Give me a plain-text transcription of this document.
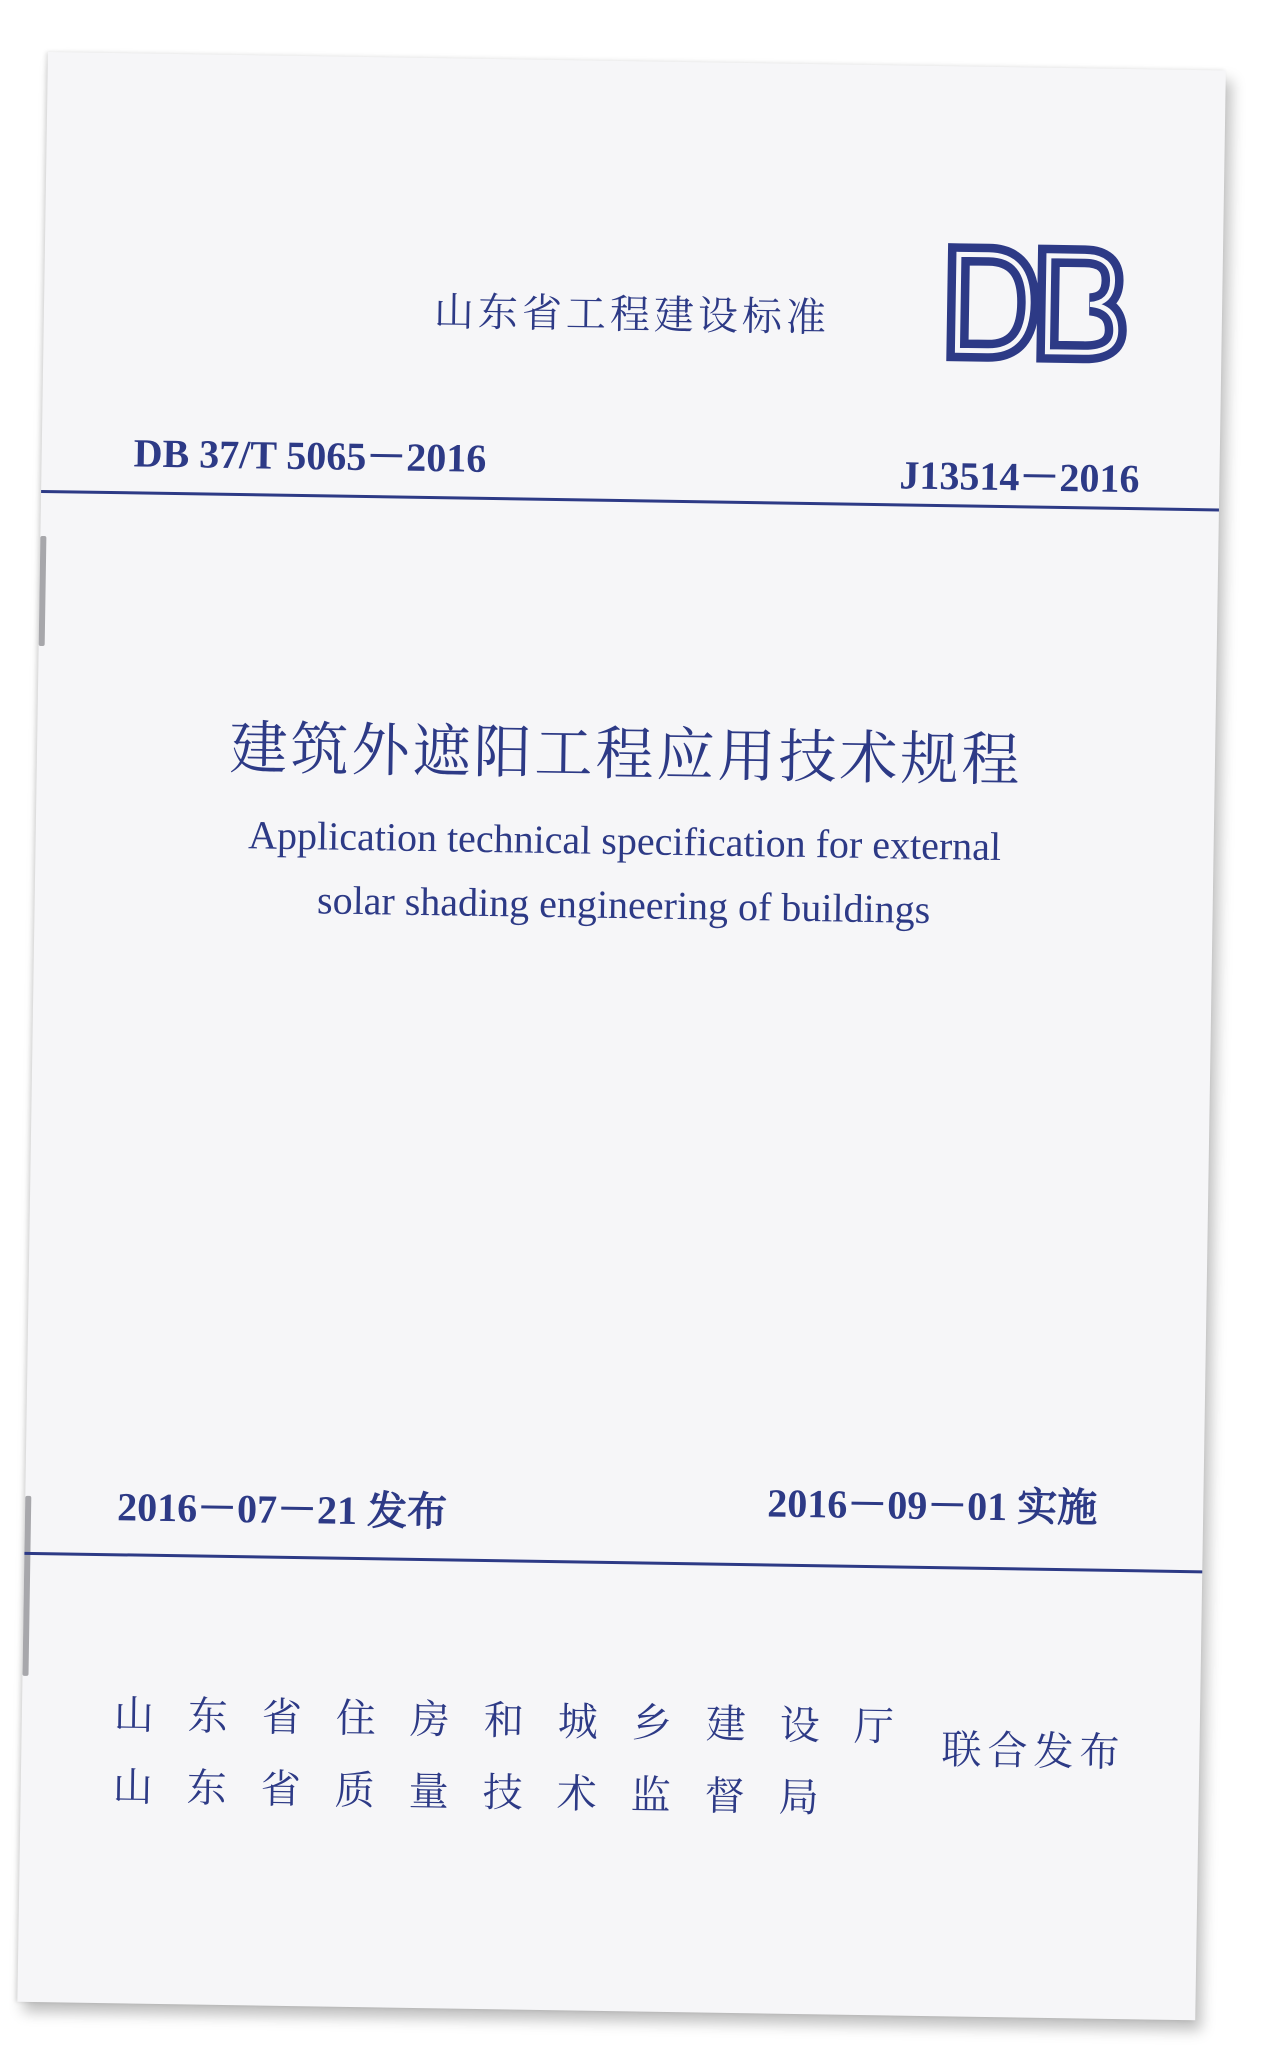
山东省工程建设标准
DB 37/T 5065－2016	J13514－2016
建筑外遮阳工程应用技术规程
Application technical specification for external
solar shading engineering of buildings
2016－07－21 发布	2016－09－01 实施
山东省住房和城乡建设厅
山东省质量技术监督局
联合发布
